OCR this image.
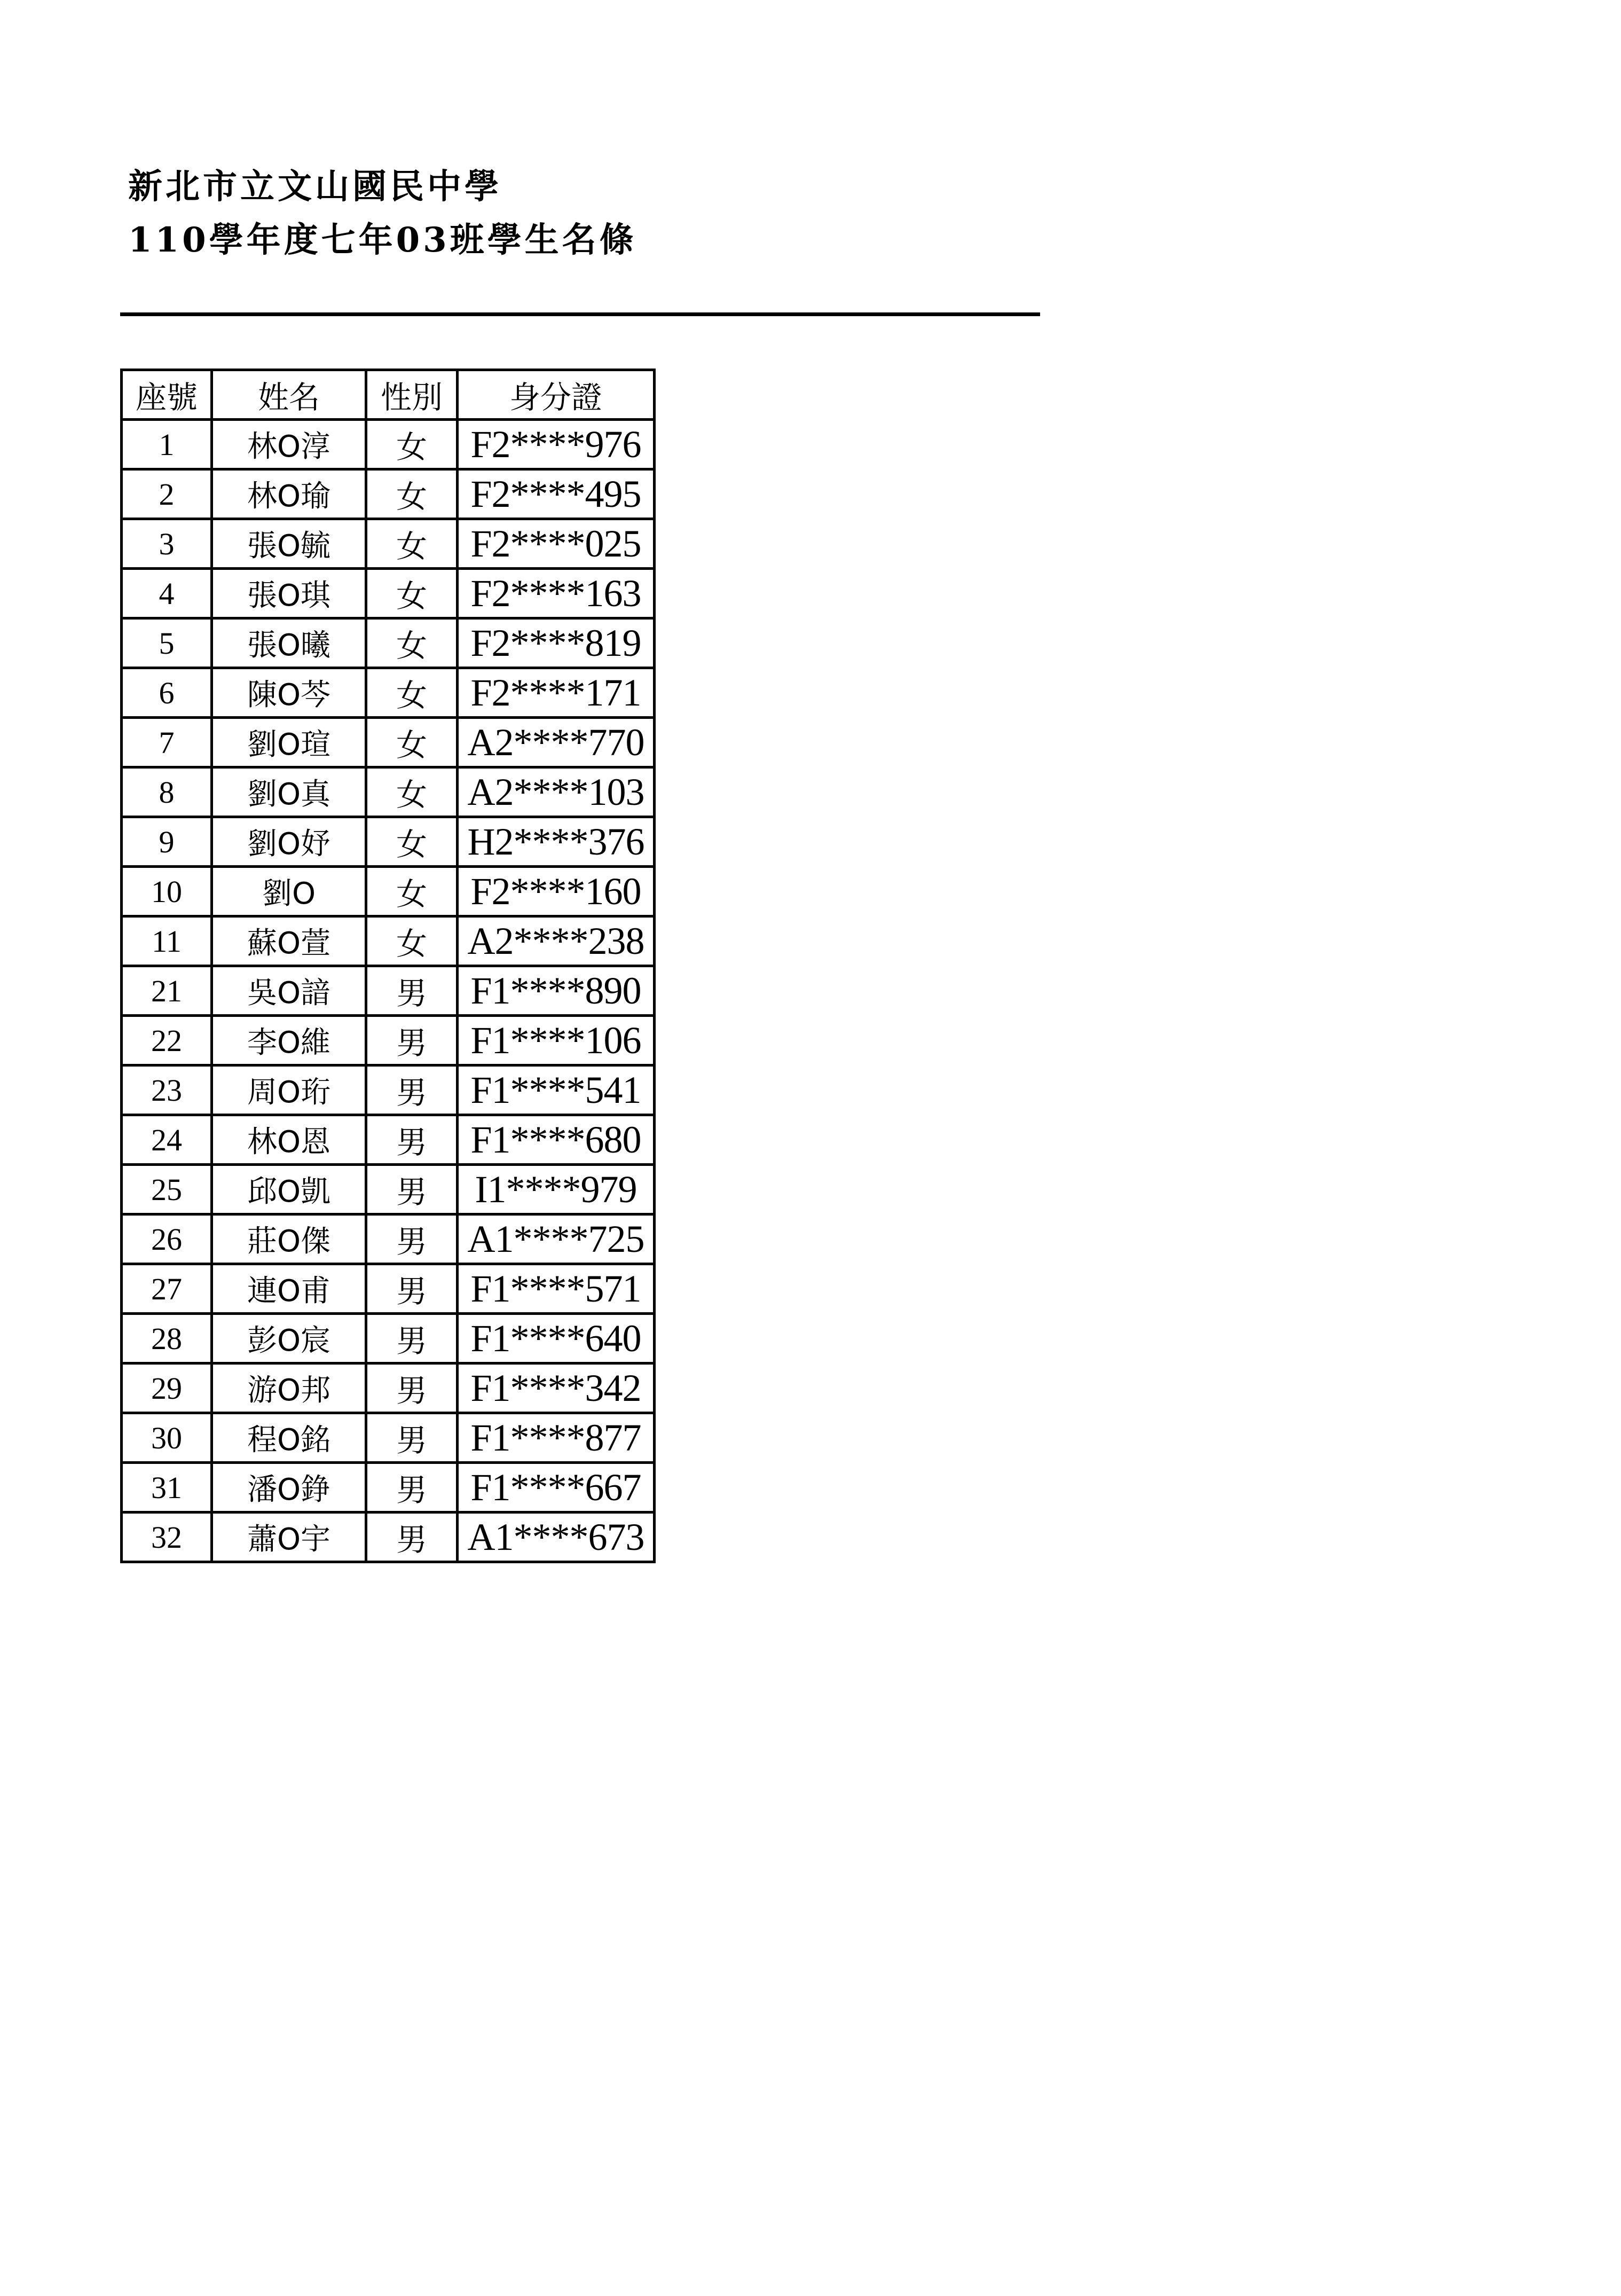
新北市立文山國民中學
110學年度七年03班學生名條
座號	姓名	性別	身分證
1	林O淳	女	F2****976
2	林O瑜	女	F2****495
3	張O毓	女	F2****025
4	張O琪	女	F2****163
5	張O曦	女	F2****819
6	陳O芩	女	F2****171
7	劉O瑄	女	A2****770
8	劉O真	女	A2****103
9	劉O妤	女	H2****376
10	劉O	女	F2****160
11	蘇O萱	女	A2****238
21	吳O諳	男	F1****890
22	李O維	男	F1****106
23	周O珩	男	F1****541
24	林O恩	男	F1****680
25	邱O凱	男	I1****979
26	莊O傑	男	A1****725
27	連O甫	男	F1****571
28	彭O宸	男	F1****640
29	游O邦	男	F1****342
30	程O銘	男	F1****877
31	潘O錚	男	F1****667
32	蕭O宇	男	A1****673
